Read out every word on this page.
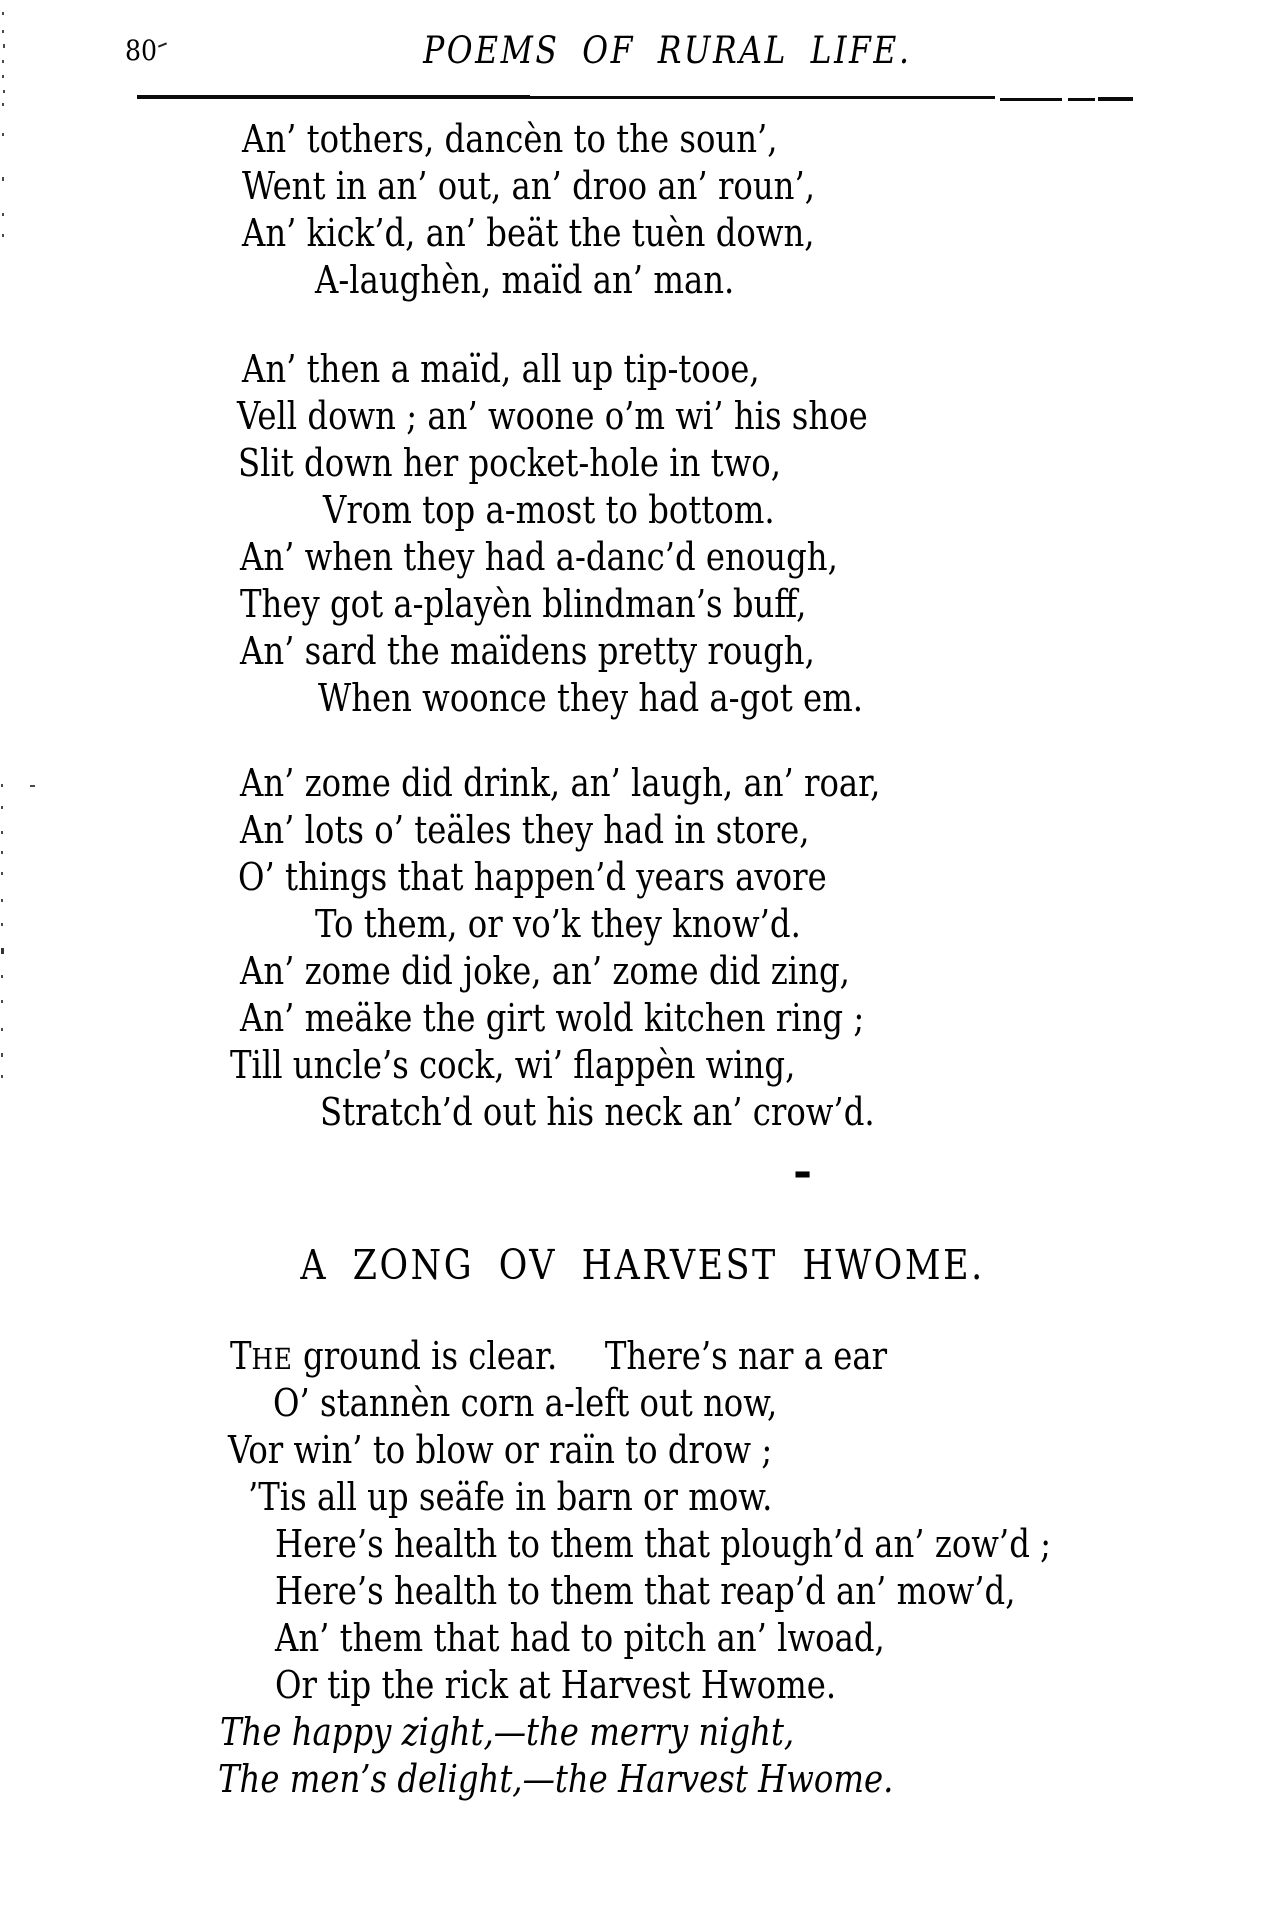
80	POEMS OF RURAL LIFE.
An’ tothers, dancèn to the soun’,
Went in an’ out, an’ droo an’ roun’,
An’ kick’d, an’ beät the tuèn down,
A-laughèn, maïd an’ man.
An’ then a maïd, all up tip-tooe,
Vell down ; an’ woone o’m wi’ his shoe
Slit down her pocket-hole in two,
Vrom top a-most to bottom.
An’ when they had a-danc’d enough,
They got a-playèn blindman’s buff,
An’ sard the maïdens pretty rough,
When woonce they had a-got em.
An’ zome did drink, an’ laugh, an’ roar,
An’ lots o’ teäles they had in store,
O’ things that happen’d years avore
To them, or vo’k they know’d.
An’ zome did joke, an’ zome did zing,
An’ meäke the girt wold kitchen ring ;
Till uncle’s cock, wi’ flappèn wing,
Stratch’d out his neck an’ crow’d.
-
A ZONG OV HARVEST HWOME.
THE ground is clear. There’s nar a ear
O’ stannèn corn a-left out now,
Vor win’ to blow or raïn to drow ;
’Tis all up seäfe in barn or mow.
Here’s health to them that plough’d an’ zow’d ;
Here’s health to them that reap’d an’ mow’d,
An’ them that had to pitch an’ lwoad,
Or tip the rick at Harvest Hwome.
The happy zight,—the merry night,
The men’s delight,—the Harvest Hwome.
